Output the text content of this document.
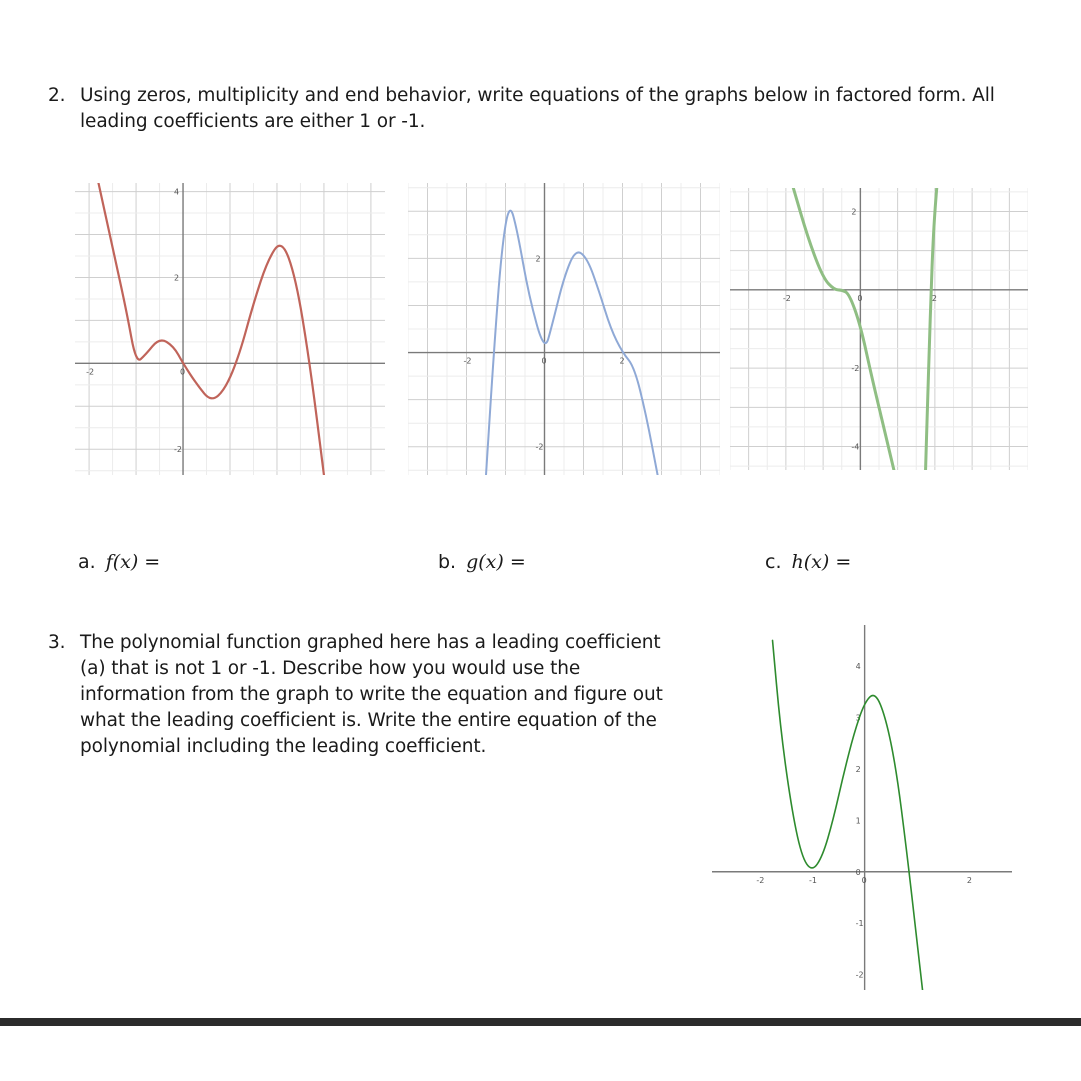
2. Using zeros, multiplicity and end behavior, write equations of the graphs below in factored form. All leading coefficients are either 1 or -1.
-2	0
4
2
-2
-2	0	2
2
-2
-2	0	2
2
-2
-4
a. f(x) =	b. g(x) =	c. h(x) =
3. The polynomial function graphed here has a leading coefficient (a) that is not 1 or -1. Describe how you would use the information from the graph to write the equation and figure out what the leading coefficient is. Write the entire equation of the polynomial including the leading coefficient.
-2	-1	0	2
4
3
2
1
0
-1
-2
